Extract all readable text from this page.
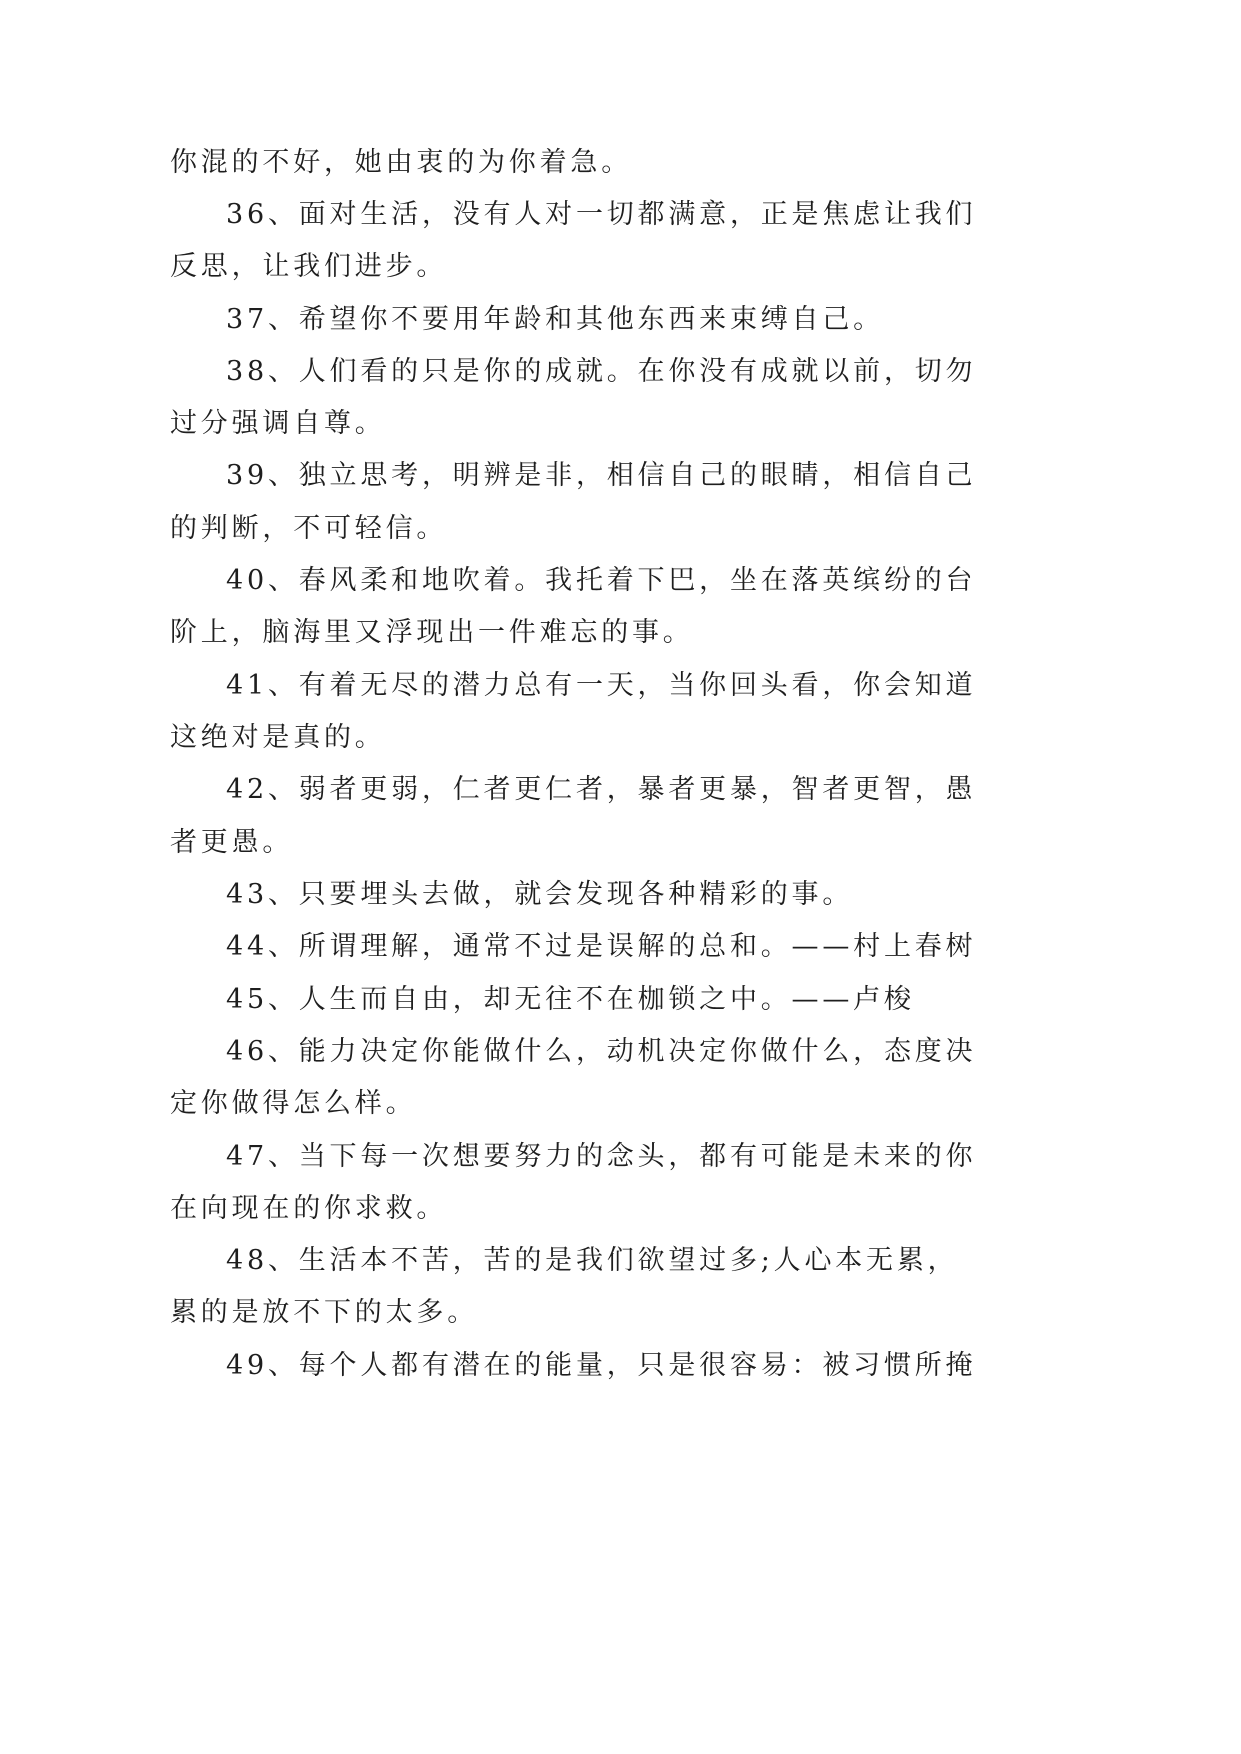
你混的不好，她由衷的为你着急。

36、面对生活，没有人对一切都满意，正是焦虑让我们

反思，让我们进步。

37、希望你不要用年龄和其他东西来束缚自己。

38、人们看的只是你的成就。在你没有成就以前，切勿

过分强调自尊。

39、独立思考，明辨是非，相信自己的眼睛，相信自己

的判断，不可轻信。

40、春风柔和地吹着。我托着下巴，坐在落英缤纷的台

阶上，脑海里又浮现出一件难忘的事。

41、有着无尽的潜力总有一天，当你回头看，你会知道

这绝对是真的。

42、弱者更弱，仁者更仁者，暴者更暴，智者更智，愚

者更愚。

43、只要埋头去做，就会发现各种精彩的事。

44、所谓理解，通常不过是误解的总和。——村上春树

45、人生而自由，却无往不在枷锁之中。——卢梭

46、能力决定你能做什么，动机决定你做什么，态度决

定你做得怎么样。

47、当下每一次想要努力的念头，都有可能是未来的你

在向现在的你求救。

48、生活本不苦，苦的是我们欲望过多;人心本无累，

累的是放不下的太多。

49、每个人都有潜在的能量，只是很容易：被习惯所掩
